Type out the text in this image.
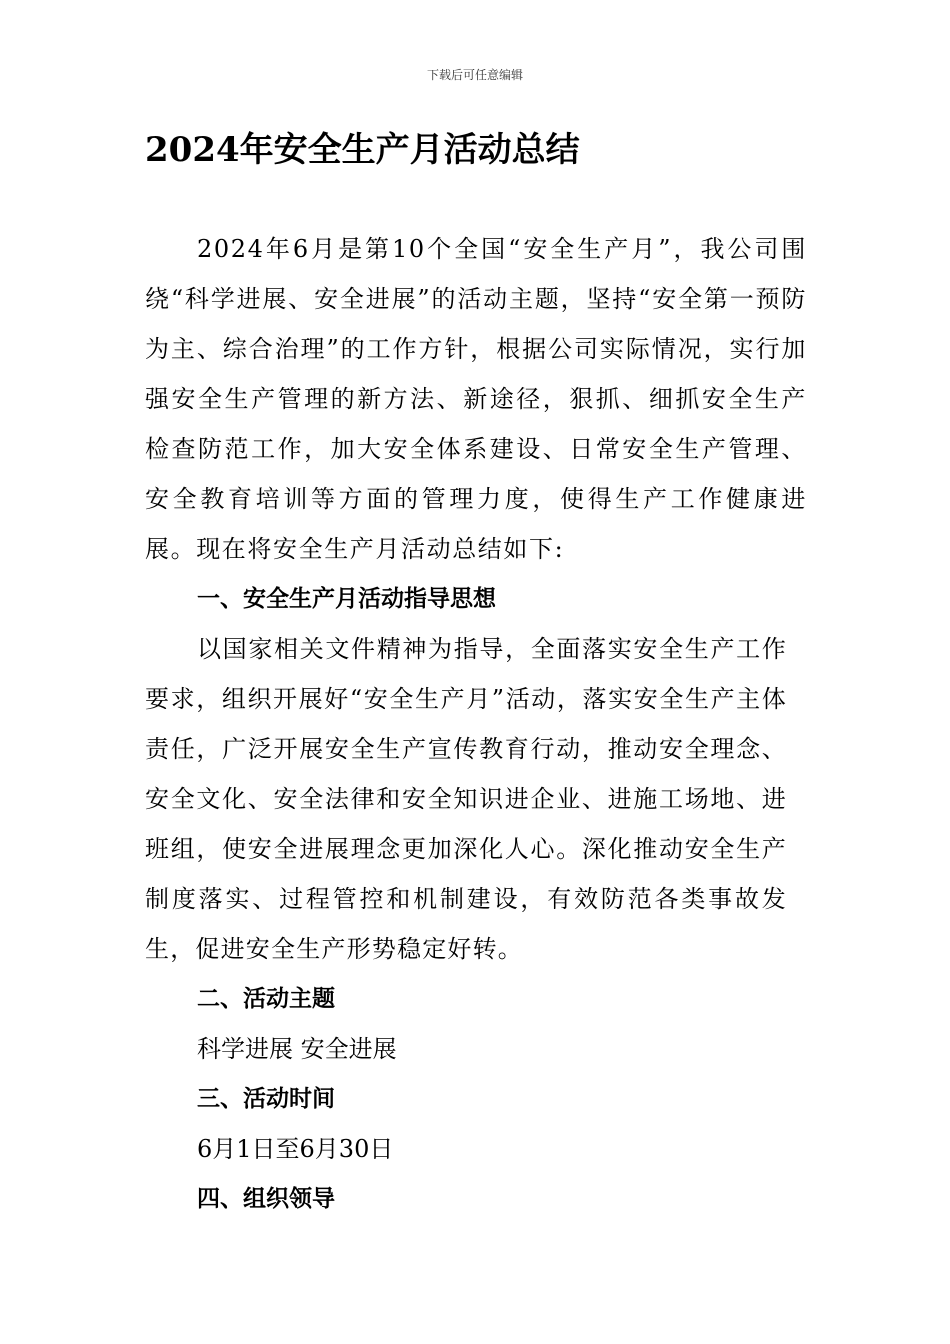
下载后可任意编辑
2024年安全生产月活动总结

2024年6月是第10个全国“安全生产月”，我公司围绕“科学进展、安全进展”的活动主题，坚持“安全第一预防为主、综合治理”的工作方针，根据公司实际情况，实行加强安全生产管理的新方法、新途径，狠抓、细抓安全生产检查防范工作，加大安全体系建设、日常安全生产管理、安全教育培训等方面的管理力度，使得生产工作健康进展。现在将安全生产月活动总结如下:

一、安全生产月活动指导思想

以国家相关文件精神为指导，全面落实安全生产工作要求，组织开展好“安全生产月”活动，落实安全生产主体责任，广泛开展安全生产宣传教育行动，推动安全理念、安全文化、安全法律和安全知识进企业、进施工场地、进班组，使安全进展理念更加深化人心。深化推动安全生产制度落实、过程管控和机制建设，有效防范各类事故发生，促进安全生产形势稳定好转。

二、活动主题

科学进展 安全进展

三、活动时间

6月1日至6月30日

四、组织领导
